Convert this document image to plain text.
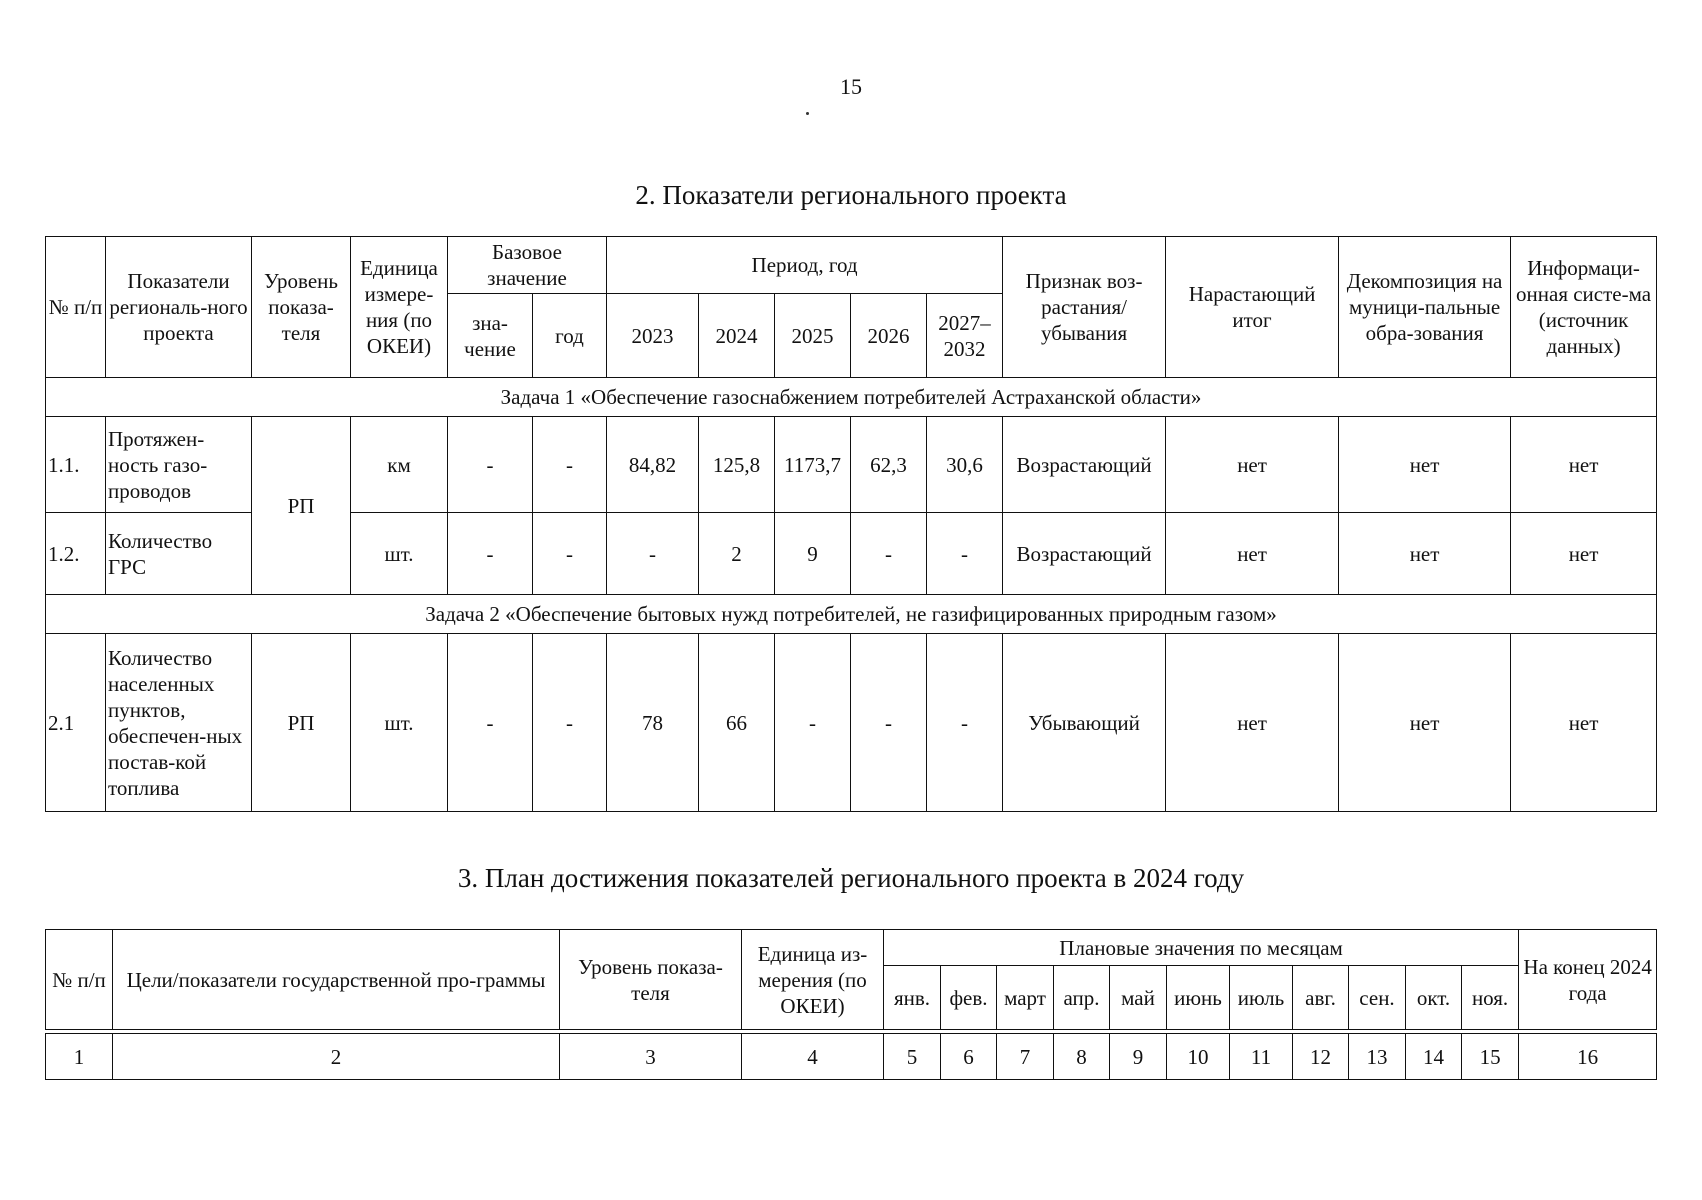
15
2. Показатели регионального проекта
№ п/п	Показатели региональ-ного проекта	Уровень показа-теля	Единица измере-ния (по ОКЕИ)	Базовое значение		Период, год					Признак воз-растания/ убывания	Нарастающий итог	Декомпозиция на муници-пальные обра-зования	Информаци-онная систе-ма (источник данных)
				зна-чение	год	2023	2024	2025	2026	2027–2032				
Задача 1 «Обеспечение газоснабжением потребителей Астраханской области»														
1.1.	Протяжен-ность газо-проводов	РП	км	-	-	84,82	125,8	1173,7	62,3	30,6	Возрастающий	нет	нет	нет
1.2.	Количество ГРС		шт.	-	-	-	2	9	-	-	Возрастающий	нет	нет	нет
Задача 2 «Обеспечение бытовых нужд потребителей, не газифицированных природным газом»														
2.1	Количество населенных пунктов, обеспечен-ных постав-кой топлива	РП	шт.	-	-	78	66	-	-	-	Убывающий	нет	нет	нет
3. План достижения показателей регионального проекта в 2024 году
№ п/п	Цели/показатели государственной про-граммы	Уровень показа-теля	Единица из-мерения (по ОКЕИ)	Плановые значения по месяцам											На конец 2024 года
				янв.	фев.	март	апр.	май	июнь	июль	авг.	сен.	окт.	ноя.	

1	2	3	4	5	6	7	8	9	10	11	12	13	14	15	16
